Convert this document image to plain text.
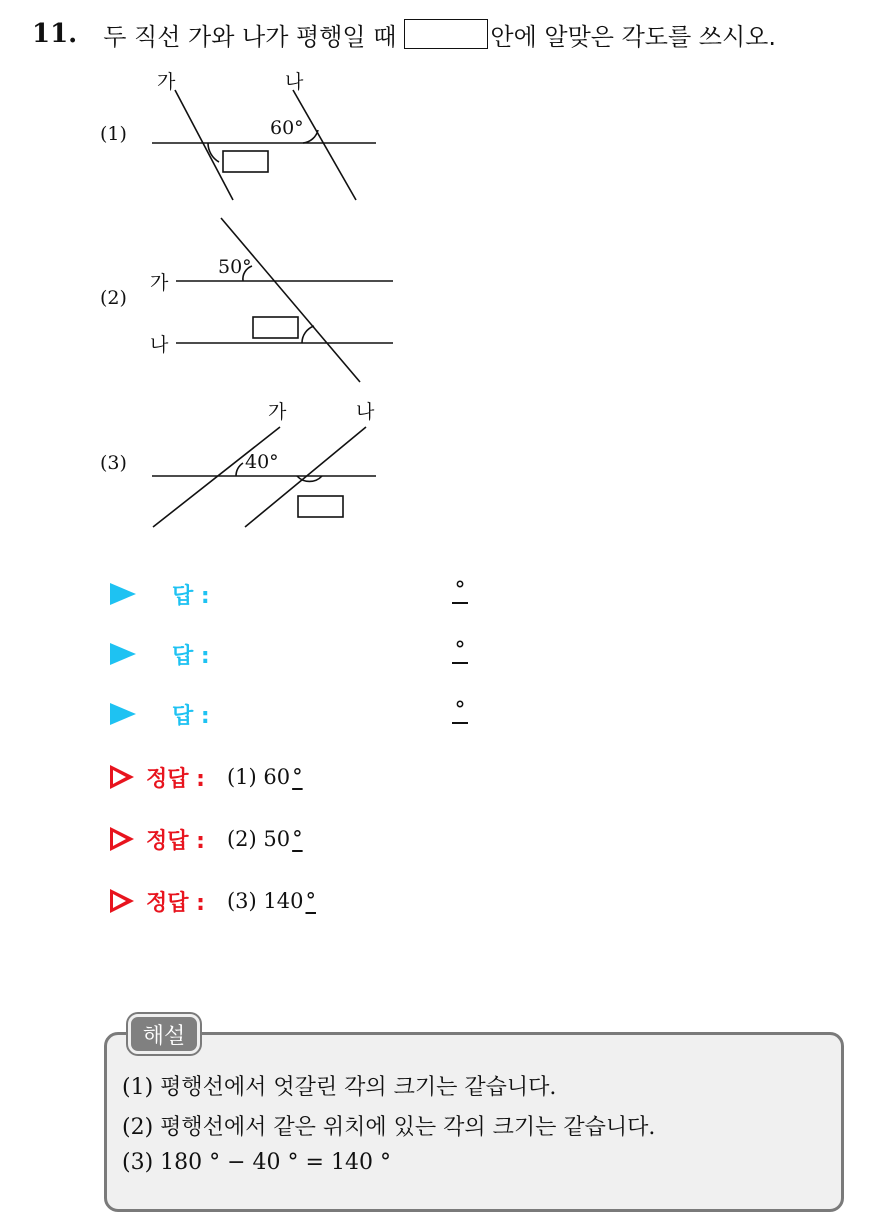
11. 두 직선 가와 나가 평행일 때	안에 알맞은 각도를 쓰시오.
(1)
가	나
60°
(2)
가
나
50°
(3)
가	나
40°
답 :	°
답 :	°
답 :	°
정답 : (1) 60 °
정답 : (2) 50 °
정답 : (3) 140 °
해설
(1) 평행선에서 엇갈린 각의 크기는 같습니다.
(2) 평행선에서 같은 위치에 있는 각의 크기는 같습니다.
(3) 180 ° − 40 ° = 140 °
